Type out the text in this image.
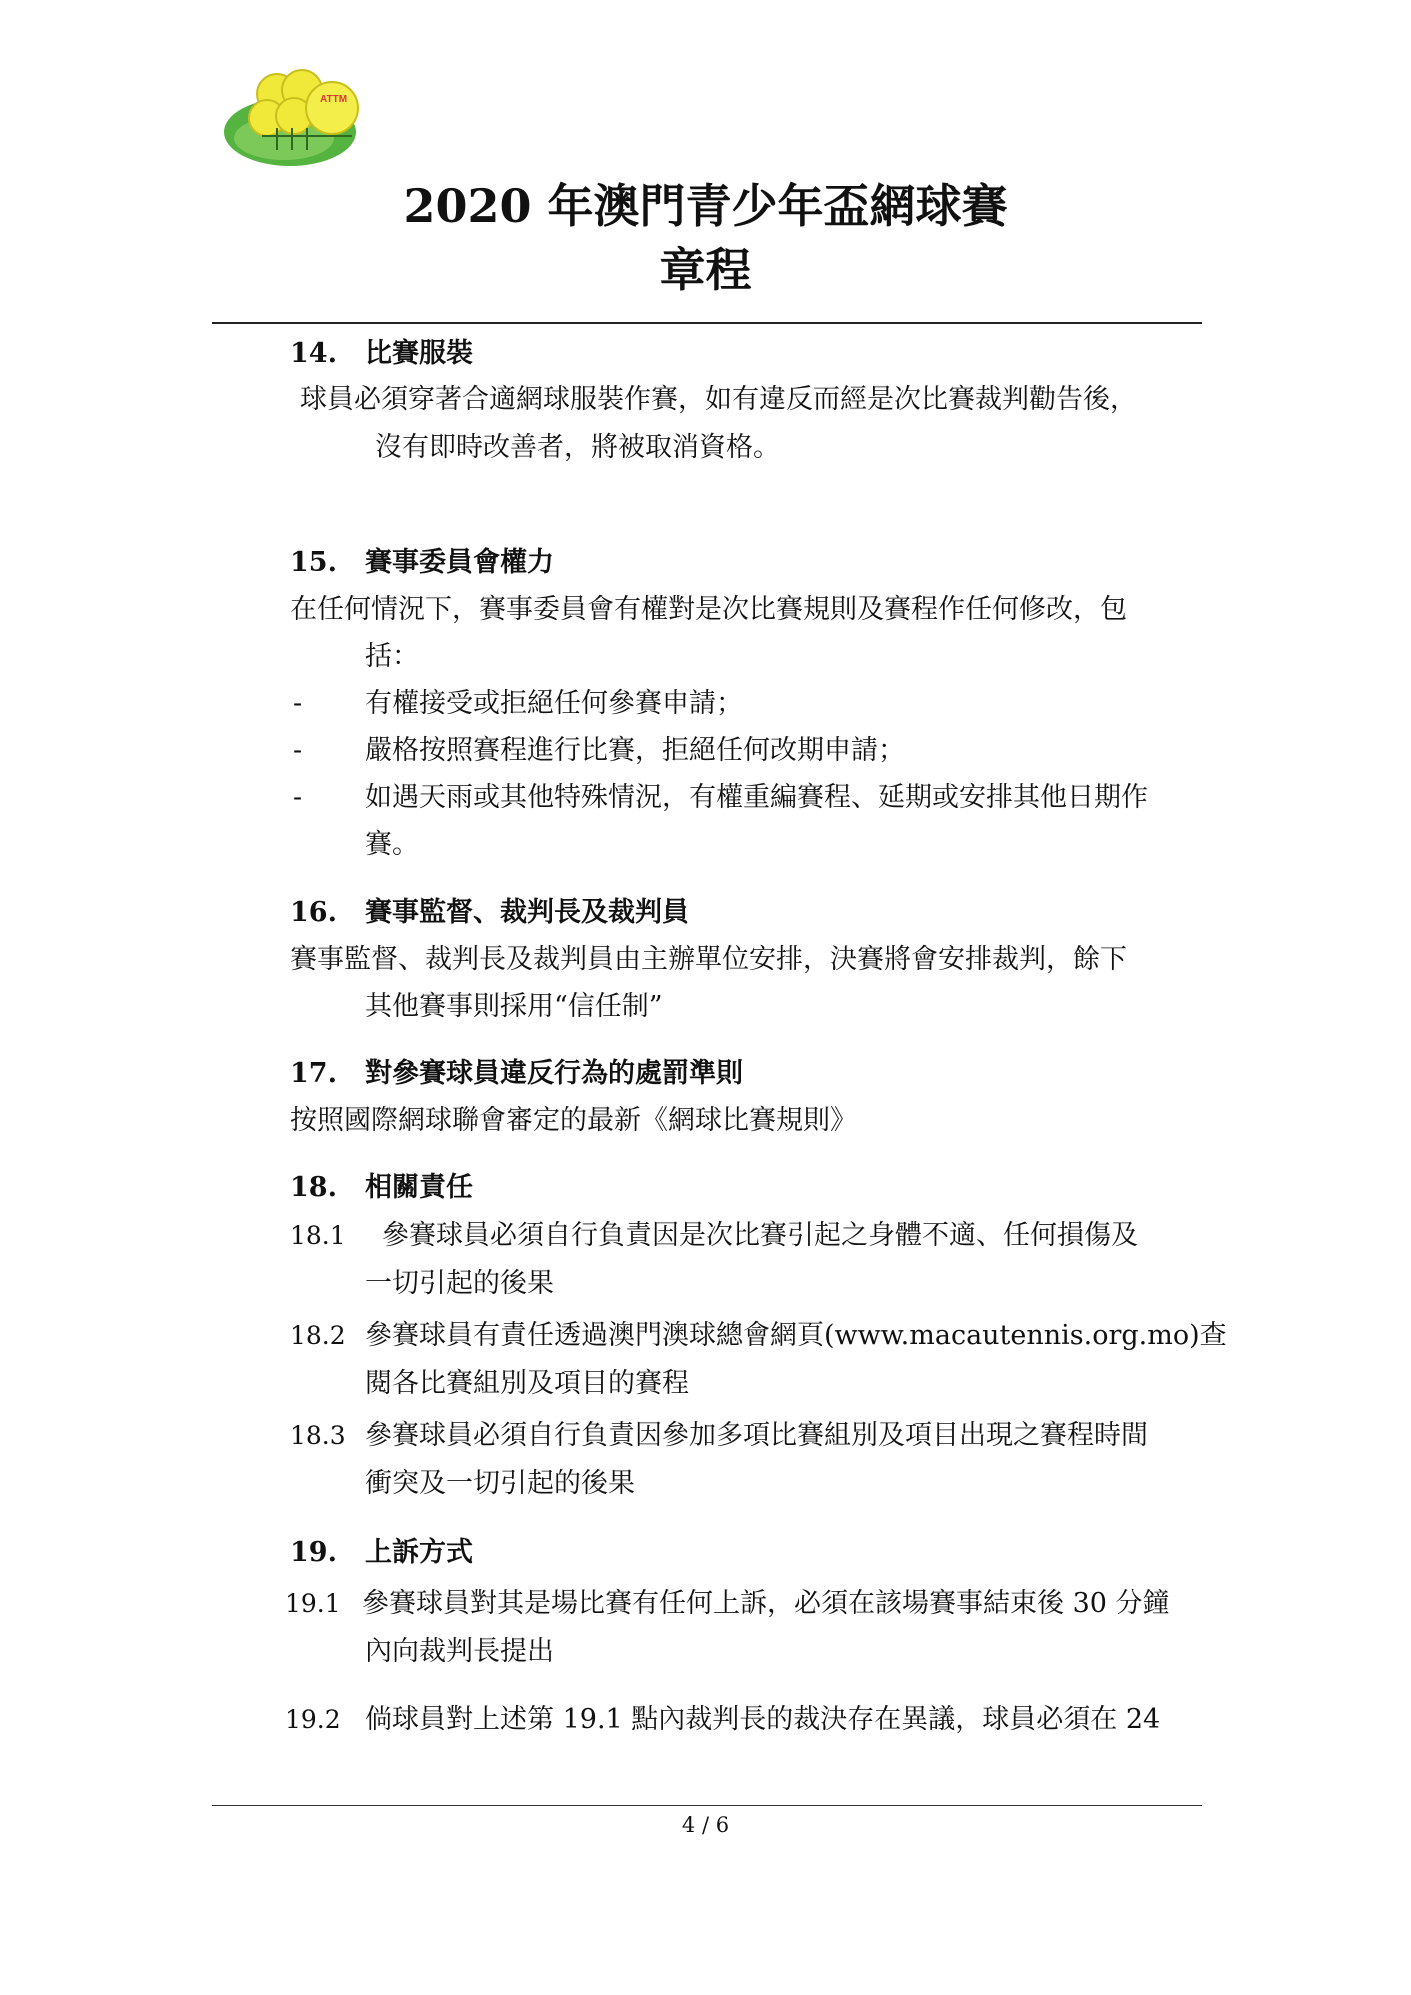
ATTM
2020 年澳門青少年盃網球賽
章程
14. 比賽服裝
球員必須穿著合適網球服裝作賽，如有違反而經是次比賽裁判勸告後，
沒有即時改善者，將被取消資格。
15. 賽事委員會權力
在任何情況下，賽事委員會有權對是次比賽規則及賽程作任何修改，包
括：
- 有權接受或拒絕任何參賽申請；
- 嚴格按照賽程進行比賽，拒絕任何改期申請；
- 如遇天雨或其他特殊情況，有權重編賽程、延期或安排其他日期作
賽。
16. 賽事監督、裁判長及裁判員
賽事監督、裁判長及裁判員由主辦單位安排，決賽將會安排裁判，餘下
其他賽事則採用“信任制”
17. 對參賽球員違反行為的處罰準則
按照國際網球聯會審定的最新《網球比賽規則》
18. 相關責任
18.1 參賽球員必須自行負責因是次比賽引起之身體不適、任何損傷及
一切引起的後果
18.2 參賽球員有責任透過澳門澳球總會網頁(www.macautennis.org.mo)查
閱各比賽組別及項目的賽程
18.3 參賽球員必須自行負責因參加多項比賽組別及項目出現之賽程時間
衝突及一切引起的後果
19. 上訴方式
19.1 參賽球員對其是場比賽有任何上訴，必須在該場賽事結束後 30 分鐘
內向裁判長提出
19.2 倘球員對上述第 19.1 點內裁判長的裁決存在異議，球員必須在 24
4 / 6
